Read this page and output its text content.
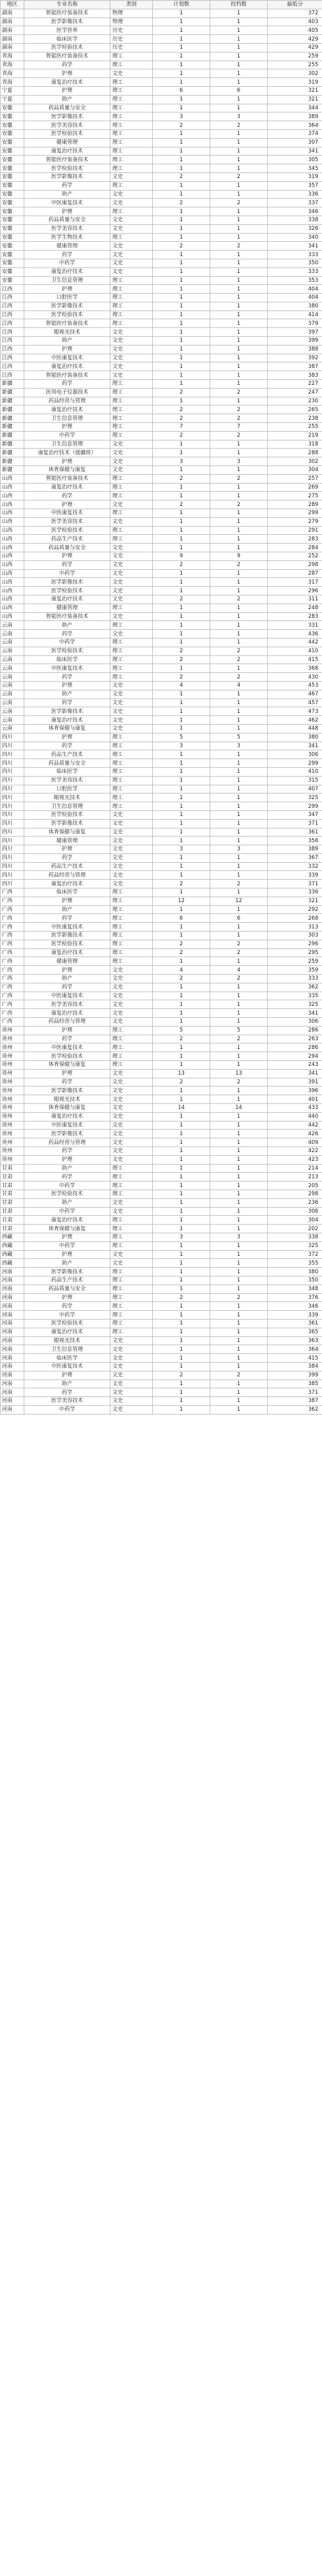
地区	专业名称	类别	计划数	投档数	最低分
湖南	智能医疗装备技术	物理	1	1	372
湖南	医学影像技术	物理	1	1	403
湖南	医学营养	历史	1	1	405
湖南	临床医学	历史	1	1	429
湖南	医学检验技术	历史	1	1	429
青海	智能医疗装备技术	理工	1	1	259
青海	药学	理工	1	1	255
青海	护理	文史	1	1	302
青海	康复治疗技术	理工	1	1	319
宁夏	护理	理工	6	6	321
宁夏	助产	理工	1	1	321
安徽	药品质量与安全	理工	1	1	344
安徽	医学影像技术	理工	3	3	389
安徽	医学美容技术	理工	2	2	364
安徽	医学检验技术	理工	1	1	374
安徽	健康管理	理工	1	1	307
安徽	康复治疗技术	理工	1	1	341
安徽	智能医疗装备技术	理工	1	1	305
安徽	医学检验技术	理工	1	1	345
安徽	医学影像技术	文史	2	2	319
安徽	药学	理工	1	1	357
安徽	助产	文史	1	1	336
安徽	中医康复技术	文史	2	2	337
安徽	护理	理工	1	1	346
安徽	药品质量与安全	文史	1	1	338
安徽	医学美容技术	文史	1	1	326
安徽	医学生物技术	理工	1	1	340
安徽	健康管理	文史	2	2	341
安徽	药学	文史	1	1	333
安徽	中药学	文史	1	1	350
安徽	康复治疗技术	文史	1	1	333
安徽	卫生信息管理	理工	1	1	353
江西	护理	理工	1	1	404
江西	口腔医学	理工	1	1	404
江西	医学影像技术	理工	1	1	380
江西	医学检验技术	理工	1	1	414
江西	智能医疗装备技术	理工	1	1	379
江西	眼视光技术	文史	1	1	397
江西	助产	文史	1	1	399
江西	护理	文史	1	1	388
江西	中医康复技术	文史	1	1	392
江西	康复治疗技术	文史	1	1	387
江西	智能医疗装备技术	文史	1	1	383
新疆	药学	理工	1	1	227
新疆	医用电子仪器技术	理工	2	2	247
新疆	药品经营与管理	理工	1	1	230
新疆	康复治疗技术	理工	2	2	265
新疆	卫生信息管理	理工	2	2	238
新疆	护理	理工	7	7	255
新疆	中药学	理工	2	2	219
新疆	卫生信息管理	文史	1	1	318
新疆	康复治疗技术（援疆班）	文史	1	1	288
新疆	护理	文史	3	3	302
新疆	体育保健与康复	文史	1	1	304
山西	智能医疗装备技术	理工	2	2	257
山西	康复治疗技术	理工	1	1	269
山西	药学	理工	1	1	275
山西	护理	文史	2	2	289
山西	中医康复技术	理工	1	1	299
山西	医学美容技术	文史	1	1	279
山西	医学检验技术	理工	1	1	291
山西	药品生产技术	理工	1	1	283
山西	药品质量与安全	文史	1	1	284
山西	护理	文史	9	9	252
山西	药学	文史	2	2	298
山西	中药学	文史	1	1	287
山西	医学影像技术	文史	1	1	317
山西	医学检验技术	文史	1	1	296
山西	康复治疗技术	文史	2	2	311
山西	健康管理	理工	1	1	248
山西	智能医疗装备技术	文史	1	1	283
云南	助产	理工	1	1	331
云南	药学	文史	1	1	436
云南	中药学	理工	1	1	442
云南	医学检验技术	理工	2	2	410
云南	临床医学	理工	2	2	415
云南	中医康复技术	理工	1	1	368
云南	药学	理工	2	2	430
云南	护理	文史	4	4	453
云南	助产	文史	1	1	467
云南	药学	文史	1	1	457
云南	医学影像技术	文史	1	1	473
云南	康复治疗技术	文史	1	1	462
云南	体育保健与康复	文史	1	1	448
四川	护理	理工	5	5	380
四川	药学	理工	3	3	341
四川	药品生产技术	理工	1	1	306
四川	药品质量与安全	理工	1	1	299
四川	临床医学	理工	1	1	410
四川	医学美容技术	理工	1	1	315
四川	口腔医学	理工	1	1	407
四川	眼视光技术	理工	1	1	325
四川	卫生信息管理	理工	1	1	299
四川	医学检验技术	文史	1	1	347
四川	医学影像技术	文史	1	1	371
四川	体育保健与康复	文史	1	1	361
四川	健康管理	文史	1	1	356
四川	护理	文史	3	3	389
四川	药学	文史	1	1	367
四川	药品生产技术	文史	1	1	332
四川	药品经营与管理	文史	1	1	339
四川	康复治疗技术	文史	2	2	371
广西	临床医学	理工	1	1	336
广西	护理	理工	12	12	321
广西	助产	理工	1	1	292
广西	药学	理工	6	6	268
广西	中医康复技术	理工	1	1	313
广西	医学影像技术	理工	1	1	303
广西	医学检验技术	理工	2	2	296
广西	康复治疗技术	理工	2	2	295
广西	健康管理	理工	1	1	259
广西	护理	文史	4	4	359
广西	助产	文史	2	2	333
广西	药学	文史	1	1	362
广西	中医康复技术	文史	1	1	335
广西	医学美容技术	文史	1	1	325
广西	康复治疗技术	文史	1	1	341
广西	药品经营与管理	文史	1	1	306
贵州	护理	理工	5	5	286
贵州	药学	理工	2	2	263
贵州	中医康复技术	理工	1	1	286
贵州	医学检验技术	理工	1	1	294
贵州	体育保健与康复	理工	1	1	243
贵州	护理	文史	13	13	341
贵州	药学	文史	2	2	391
贵州	医学影像技术	文史	1	1	396
贵州	眼视光技术	文史	1	1	401
贵州	体育保健与康复	文史	14	14	433
贵州	康复治疗技术	文史	1	1	440
贵州	中医康复技术	文史	1	1	442
贵州	医学影像技术	文史	1	1	426
贵州	药品经营与管理	文史	1	1	409
贵州	药学	文史	1	1	422
贵州	护理	文史	1	1	423
甘肃	助产	理工	1	1	214
甘肃	药学	理工	1	1	213
甘肃	中药学	理工	1	1	205
甘肃	医学检验技术	理工	1	1	298
甘肃	助产	文史	1	1	236
甘肃	中药学	文史	1	1	306
甘肃	康复治疗技术	理工	1	1	304
甘肃	体育保健与康复	理工	1	1	202
西藏	护理	理工	3	3	338
西藏	中药学	理工	1	1	325
西藏	护理	文史	1	1	372
西藏	助产	文史	1	1	355
河南	医学影像技术	理工	1	1	380
河南	药品生产技术	理工	1	1	350
河南	药品质量与安全	理工	1	1	348
河南	护理	理工	2	2	376
河南	药学	理工	1	1	346
河南	中药学	理工	1	1	339
河南	医学检验技术	理工	1	1	361
河南	康复治疗技术	理工	1	1	365
河南	眼视光技术	文史	1	1	363
河南	卫生信息管理	文史	1	1	364
河南	临床医学	文史	1	1	415
河南	中医康复技术	文史	1	1	384
河南	护理	文史	2	2	399
河南	助产	文史	1	1	385
河南	药学	文史	1	1	371
河南	医学美容技术	文史	1	1	387
河南	中药学	文史	1	1	362
